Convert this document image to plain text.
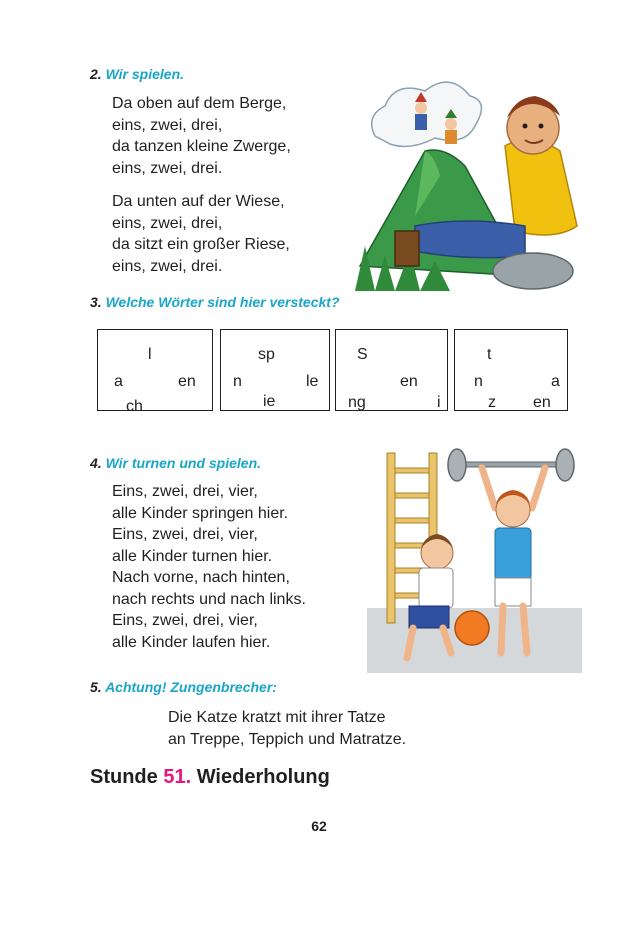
2. Wir spielen.
Da oben auf dem Berge,
eins, zwei, drei,
da tanzen kleine Zwerge,
eins, zwei, drei.
Da unten auf der Wiese,
eins, zwei, drei,
da sitzt ein großer Riese,
eins, zwei, drei.
3. Welche Wörter sind hier versteckt?
l
a	en
ch
sp
n	le
ie
S
en
ng	i
t
n	a
z en
4. Wir turnen und spielen.
Eins, zwei, drei, vier,
alle Kinder springen hier.
Eins, zwei, drei, vier,
alle Kinder turnen hier.
Nach vorne, nach hinten,
nach rechts und nach links.
Eins, zwei, drei, vier,
alle Kinder laufen hier.
5. Achtung! Zungenbrecher:
Die Katze kratzt mit ihrer Tatze
an Treppe, Teppich und Matratze.
Stunde 51. Wiederholung
62
